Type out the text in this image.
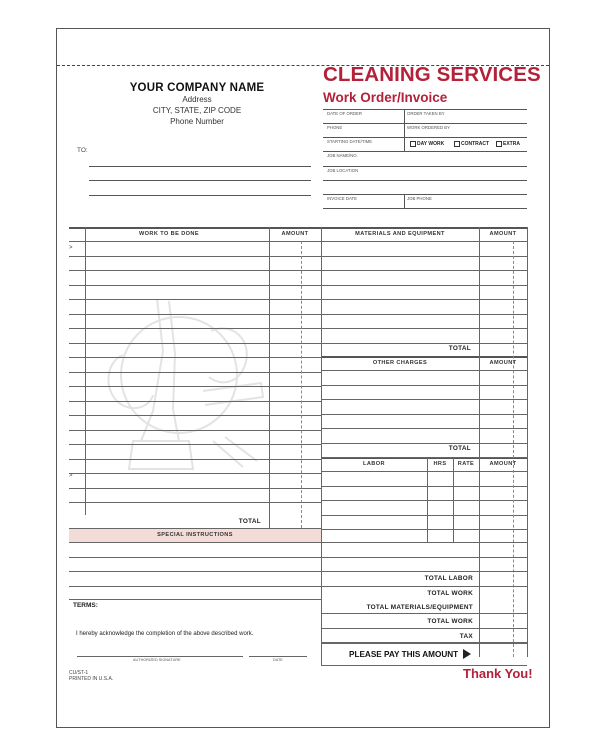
YOUR COMPANY NAME
Address
CITY, STATE, ZIP CODE
Phone Number
TO:
CLEANING SERVICES
Work Order/Invoice
DATE OF ORDER	ORDER TAKEN BY
PHONE	WORK ORDERED BY
STARTING DATE/TIME	DAY WORK	CONTRACT	EXTRA
JOB NAME/NO.
JOB LOCATION
INVOICE DATE	JOB PHONE
WORK TO BE DONE	AMOUNT	MATERIALS AND EQUIPMENT	AMOUNT
OTHER CHARGES	AMOUNT
LABOR	HRS	RATE	AMOUNT
SPECIAL INSTRUCTIONS
>
>
TOTAL
TOTAL
TOTAL
TOTAL LABOR
TOTAL WORK
TOTAL MATERIALS/EQUIPMENT
TOTAL WORK
TAX
TERMS:
I hereby acknowledge the completion of the above described work.
AUTHORIZED SIGNATURE	DATE
PLEASE PAY THIS AMOUNT
Thank You!
CU/ST-1
PRINTED IN U.S.A.
